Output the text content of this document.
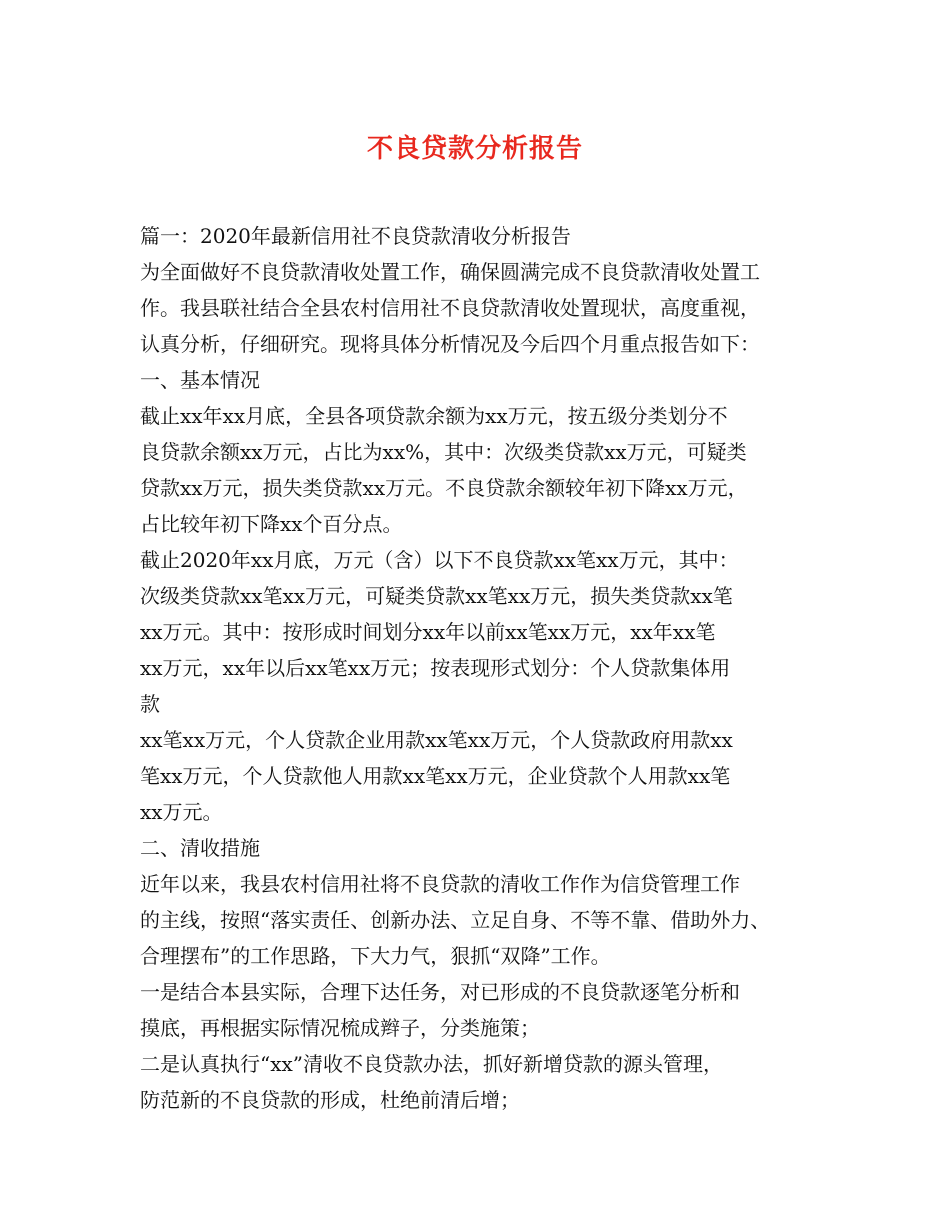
不良贷款分析报告
篇一：2020年最新信用社不良贷款清收分析报告
为全面做好不良贷款清收处置工作，确保圆满完成不良贷款清收处置工
作。我县联社结合全县农村信用社不良贷款清收处置现状，高度重视，
认真分析，仔细研究。现将具体分析情况及今后四个月重点报告如下：
一、基本情况
截止xx年xx月底，全县各项贷款余额为xx万元，按五级分类划分不
良贷款余额xx万元，占比为xx%，其中：次级类贷款xx万元，可疑类
贷款xx万元，损失类贷款xx万元。不良贷款余额较年初下降xx万元，
占比较年初下降xx个百分点。
截止2020年xx月底，万元（含）以下不良贷款xx笔xx万元，其中：
次级类贷款xx笔xx万元，可疑类贷款xx笔xx万元，损失类贷款xx笔
xx万元。其中：按形成时间划分xx年以前xx笔xx万元，xx年xx笔
xx万元，xx年以后xx笔xx万元；按表现形式划分：个人贷款集体用
款
xx笔xx万元，个人贷款企业用款xx笔xx万元，个人贷款政府用款xx
笔xx万元，个人贷款他人用款xx笔xx万元，企业贷款个人用款xx笔
xx万元。
二、清收措施
近年以来，我县农村信用社将不良贷款的清收工作作为信贷管理工作
的主线，按照“落实责任、创新办法、立足自身、不等不靠、借助外力、
合理摆布”的工作思路，下大力气，狠抓“双降”工作。
一是结合本县实际，合理下达任务，对已形成的不良贷款逐笔分析和
摸底，再根据实际情况梳成辫子，分类施策；
二是认真执行“xx”清收不良贷款办法，抓好新增贷款的源头管理，
防范新的不良贷款的形成，杜绝前清后增；
